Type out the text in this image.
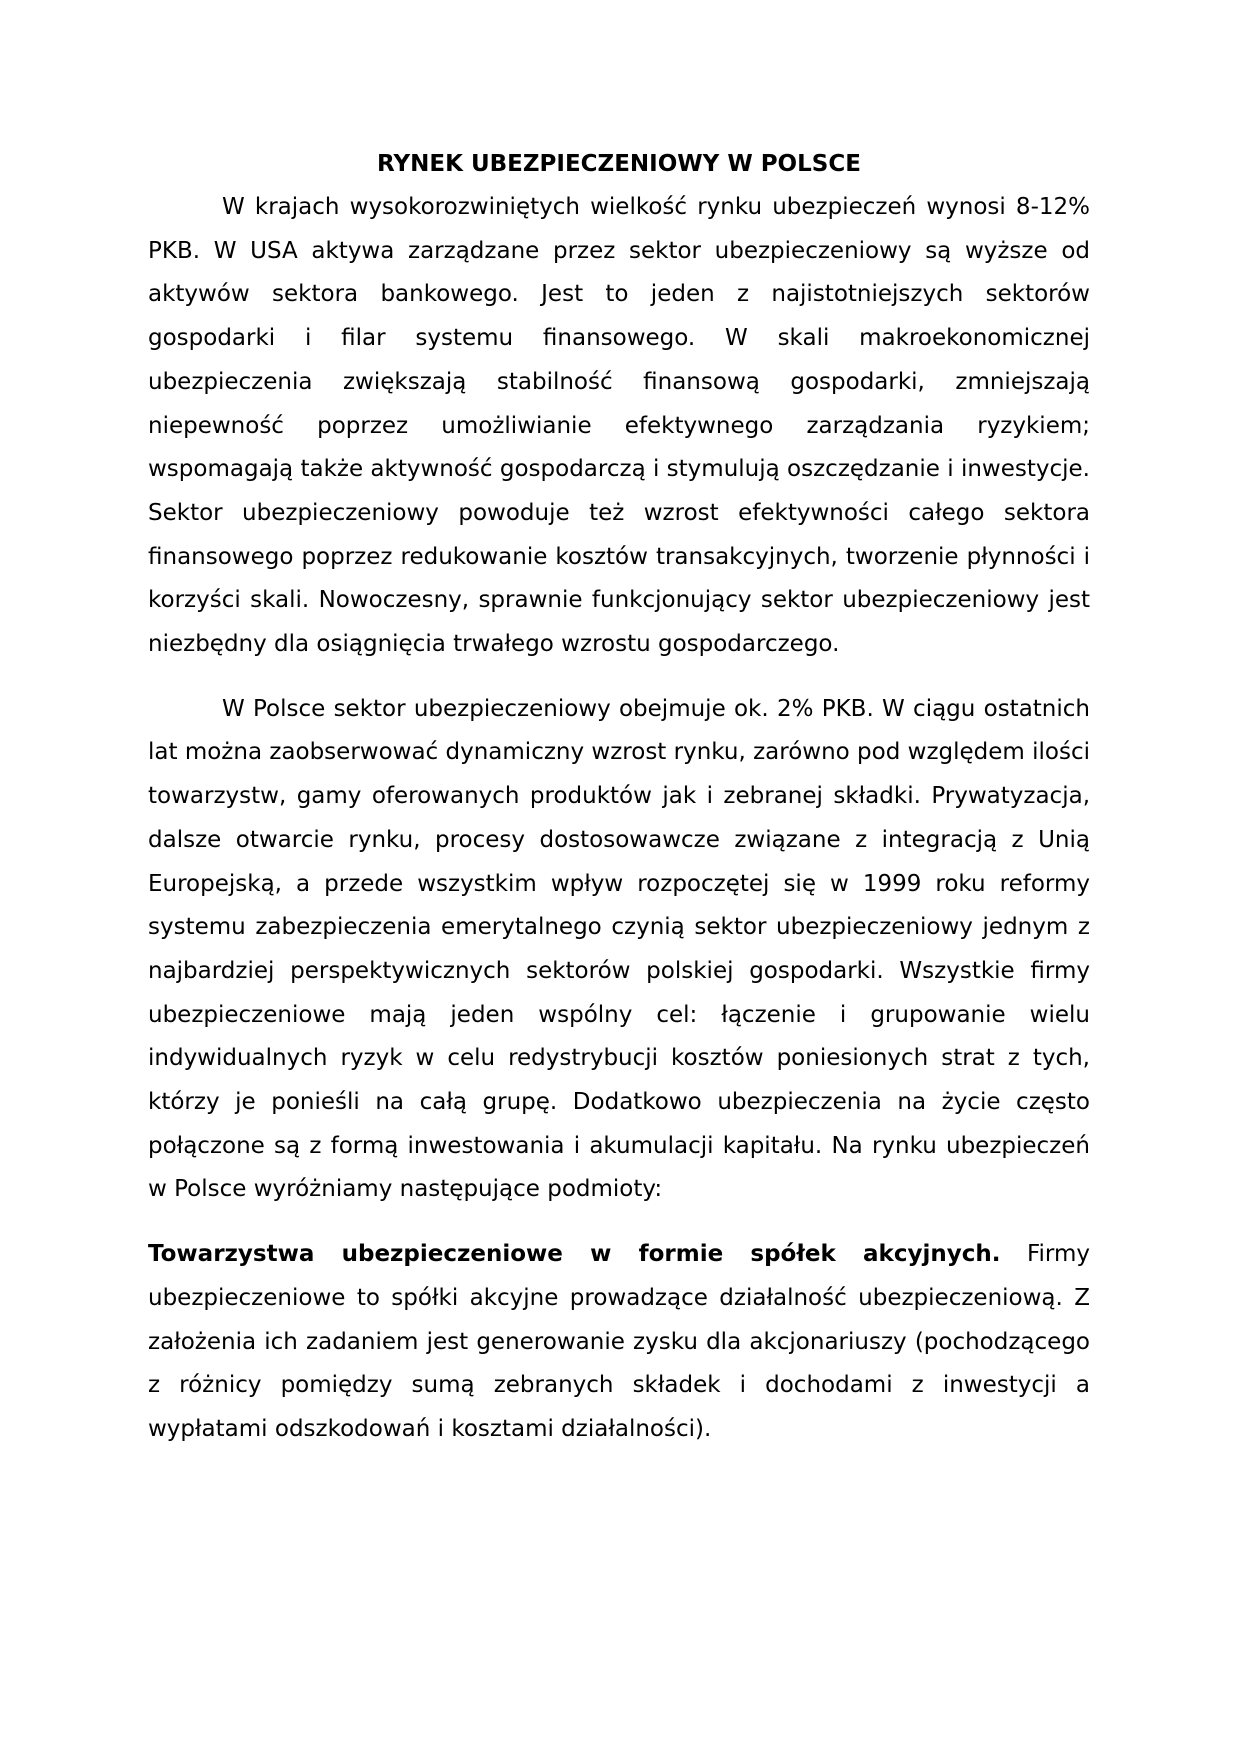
RYNEK UBEZPIECZENIOWY W POLSCE

W krajach wysokorozwiniętych wielkość rynku ubezpieczeń wynosi 8-12% PKB. W USA aktywa zarządzane przez sektor ubezpieczeniowy są wyższe od aktywów sektora bankowego. Jest to jeden z najistotniejszych sektorów gospodarki i filar systemu finansowego. W skali makroekonomicznej ubezpieczenia zwiększają stabilność finansową gospodarki, zmniejszają niepewność poprzez umożliwianie efektywnego zarządzania ryzykiem; wspomagają także aktywność gospodarczą i stymulują oszczędzanie i inwestycje. Sektor ubezpieczeniowy powoduje też wzrost efektywności całego sektora finansowego poprzez redukowanie kosztów transakcyjnych, tworzenie płynności i korzyści skali. Nowoczesny, sprawnie funkcjonujący sektor ubezpieczeniowy jest niezbędny dla osiągnięcia trwałego wzrostu gospodarczego.

W Polsce sektor ubezpieczeniowy obejmuje ok. 2% PKB. W ciągu ostatnich lat można zaobserwować dynamiczny wzrost rynku, zarówno pod względem ilości towarzystw, gamy oferowanych produktów jak i zebranej składki. Prywatyzacja, dalsze otwarcie rynku, procesy dostosowawcze związane z integracją z Unią Europejską, a przede wszystkim wpływ rozpoczętej się w 1999 roku reformy systemu zabezpieczenia emerytalnego czynią sektor ubezpieczeniowy jednym z najbardziej perspektywicznych sektorów polskiej gospodarki. Wszystkie firmy ubezpieczeniowe mają jeden wspólny cel: łączenie i grupowanie wielu indywidualnych ryzyk w celu redystrybucji kosztów poniesionych strat z tych, którzy je ponieśli na całą grupę. Dodatkowo ubezpieczenia na życie często połączone są z formą inwestowania i akumulacji kapitału. Na rynku ubezpieczeń w Polsce wyróżniamy następujące podmioty:

Towarzystwa ubezpieczeniowe w formie spółek akcyjnych. Firmy ubezpieczeniowe to spółki akcyjne prowadzące działalność ubezpieczeniową. Z założenia ich zadaniem jest generowanie zysku dla akcjonariuszy (pochodzącego z różnicy pomiędzy sumą zebranych składek i dochodami z inwestycji a wypłatami odszkodowań i kosztami działalności).
